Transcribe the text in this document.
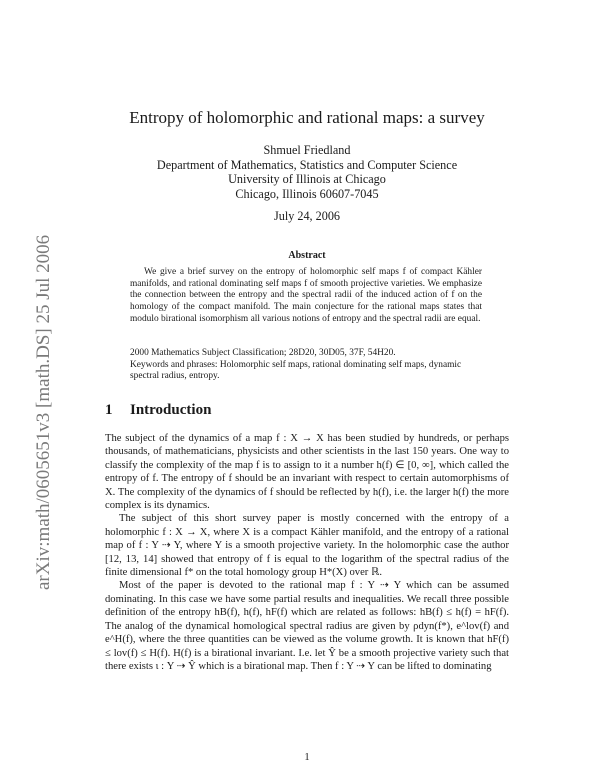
arXiv:math/0605651v3 [math.DS] 25 Jul 2006
Entropy of holomorphic and rational maps: a survey
Shmuel Friedland
Department of Mathematics, Statistics and Computer Science
University of Illinois at Chicago
Chicago, Illinois 60607-7045
July 24, 2006
Abstract
We give a brief survey on the entropy of holomorphic self maps f of compact Kähler manifolds, and rational dominating self maps f of smooth projective varieties. We emphasize the connection between the entropy and the spectral radii of the induced action of f on the homology of the compact manifold. The main conjecture for the rational maps states that modulo birational isomorphism all various notions of entropy and the spectral radii are equal.
2000 Mathematics Subject Classification; 28D20, 30D05, 37F, 54H20.
Keywords and phrases: Holomorphic self maps, rational dominating self maps, dynamic spectral radius, entropy.
1 Introduction

The subject of the dynamics of a map f : X → X has been studied by hundreds, or perhaps thousands, of mathematicians, physicists and other scientists in the last 150 years. One way to classify the complexity of the map f is to assign to it a number h(f) ∈ [0, ∞], which called the entropy of f. The entropy of f should be an invariant with respect to certain automorphisms of X. The complexity of the dynamics of f should be reflected by h(f), i.e. the larger h(f) the more complex is its dynamics.

The subject of this short survey paper is mostly concerned with the entropy of a holomorphic f : X → X, where X is a compact Kähler manifold, and the entropy of a rational map of f : Y ⇢ Y, where Y is a smooth projective variety. In the holomorphic case the author [12, 13, 14] showed that entropy of f is equal to the logarithm of the spectral radius of the finite dimensional f* on the total homology group H*(X) over ℝ.

Most of the paper is devoted to the rational map f : Y ⇢ Y which can be assumed dominating. In this case we have some partial results and inequalities. We recall three possible definition of the entropy hB(f), h(f), hF(f) which are related as follows: hB(f) ≤ h(f) = hF(f). The analog of the dynamical homological spectral radius are given by ρdyn(f*), e^lov(f) and e^H(f), where the three quantities can be viewed as the volume growth. It is known that hF(f) ≤ lov(f) ≤ H(f). H(f) is a birational invariant. I.e. let Ŷ be a smooth projective variety such that there exists ι : Y ⇢ Ŷ which is a birational map. Then f : Y ⇢ Y can be lifted to dominating

1
